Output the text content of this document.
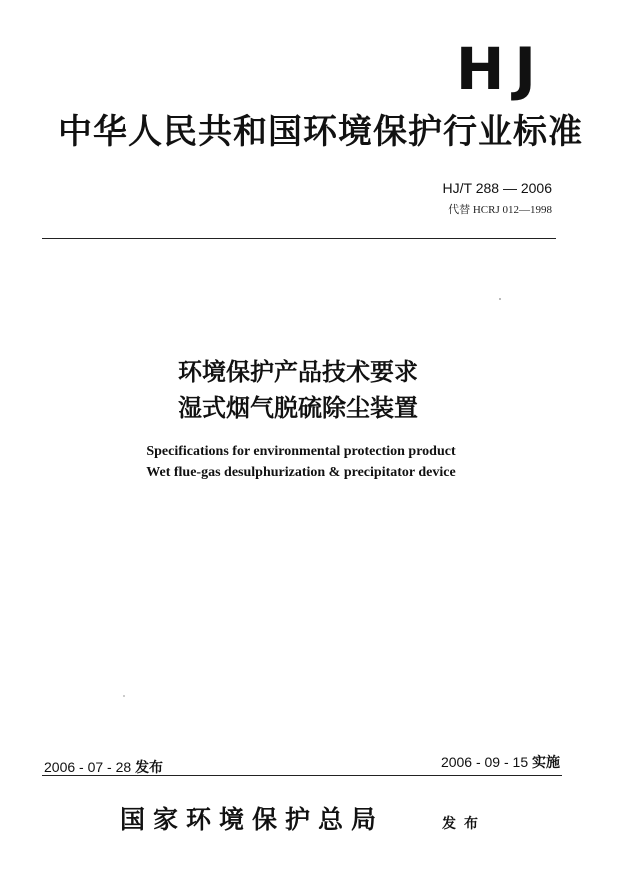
HJ
中华人民共和国环境保护行业标准
HJ/T 288 — 2006
代替 HCRJ 012—1998
环境保护产品技术要求
湿式烟气脱硫除尘装置
Specifications for environmental protection product
Wet flue-gas desulphurization & precipitator device
2006 - 07 - 28 发布	2006 - 09 - 15 实施
国家环境保护总局	发布
